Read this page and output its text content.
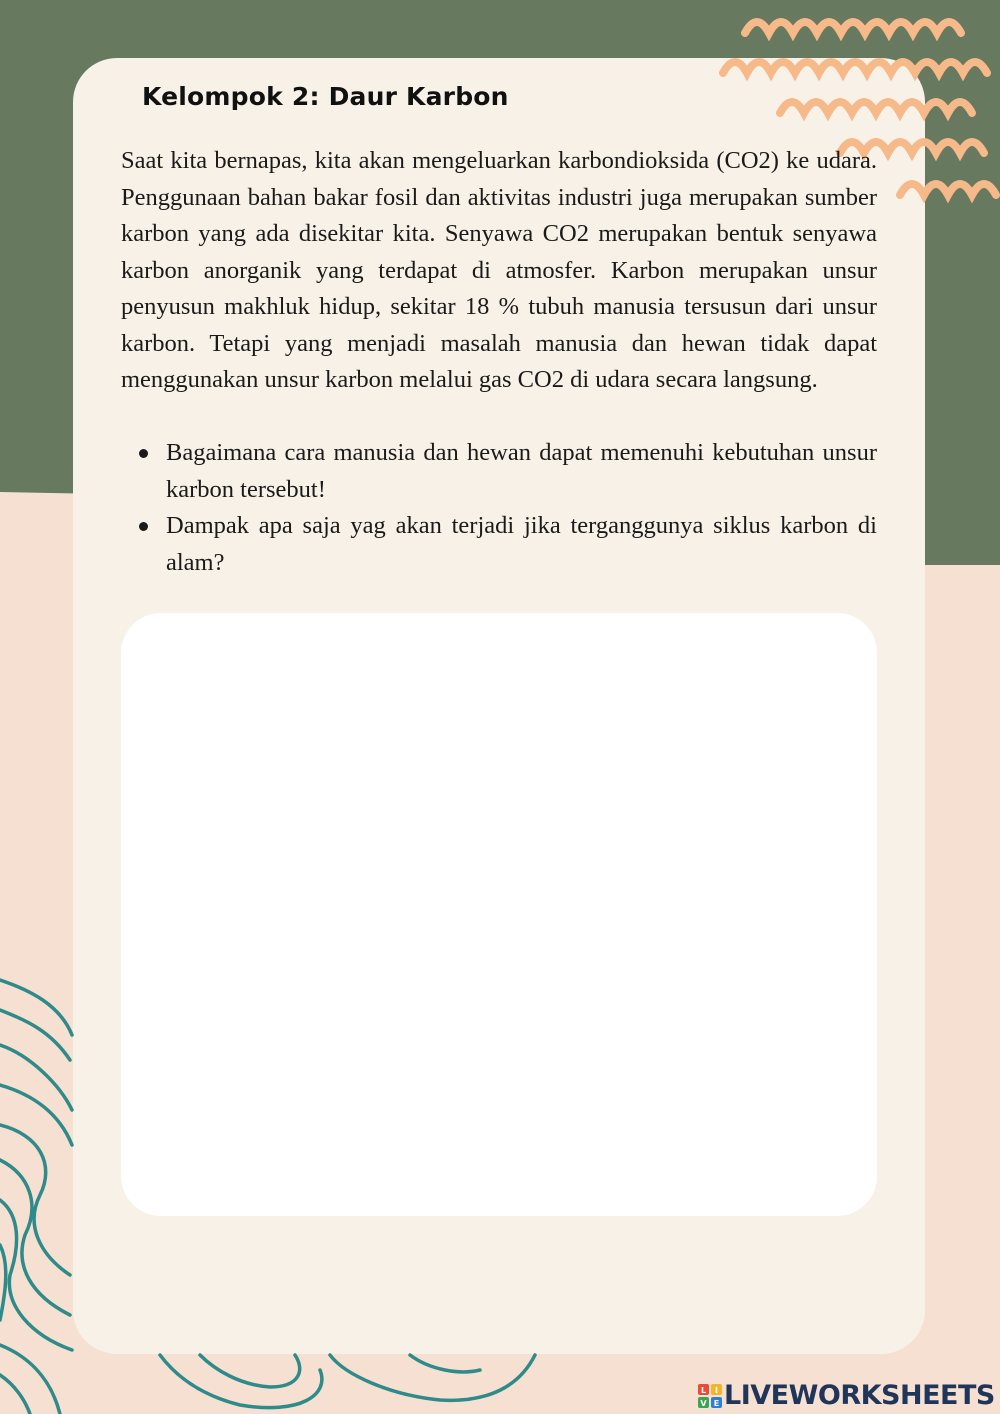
Kelompok 2: Daur Karbon

Saat kita bernapas, kita akan mengeluarkan karbondioksida (CO2) ke udara. Penggunaan bahan bakar fosil dan aktivitas industri juga merupakan sumber karbon yang ada disekitar kita. Senyawa CO2 merupakan bentuk senyawa karbon anorganik yang terdapat di atmosfer. Karbon merupakan unsur penyusun makhluk hidup, sekitar 18 % tubuh manusia tersusun dari unsur karbon. Tetapi yang menjadi masalah manusia dan hewan tidak dapat menggunakan unsur karbon melalui gas CO2 di udara secara langsung.

Bagaimana cara manusia dan hewan dapat memenuhi kebutuhan unsur karbon tersebut!
Dampak apa saja yag akan terjadi jika terganggunya siklus karbon di alam?
L I
V E LIVEWORKSHEETS
